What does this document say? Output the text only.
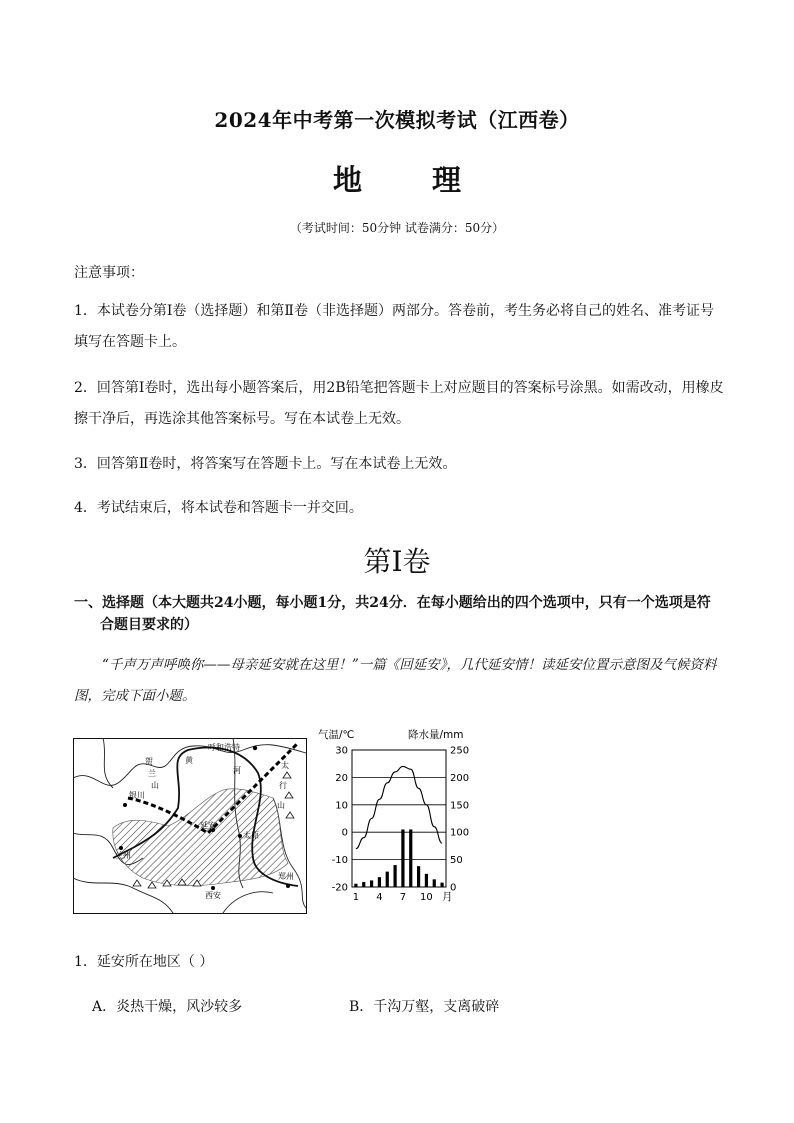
2024年中考第一次模拟考试（江西卷）
地 理
（考试时间：50分钟 试卷满分：50分）
注意事项：
1．本试卷分第Ⅰ卷（选择题）和第Ⅱ卷（非选择题）两部分。答卷前，考生务必将自己的姓名、准考证号填写在答题卡上。
2．回答第Ⅰ卷时，选出每小题答案后，用2B铅笔把答题卡上对应题目的答案标号涂黑。如需改动，用橡皮擦干净后，再选涂其他答案标号。写在本试卷上无效。
3．回答第Ⅱ卷时，将答案写在答题卡上。写在本试卷上无效。
4．考试结束后，将本试卷和答题卡一并交回。
第Ⅰ卷
一、选择题（本大题共24小题，每小题1分，共24分．在每小题给出的四个选项中，只有一个选项是符
合题目要求的）
“千声万声呼唤你——母亲延安就在这里！”一篇《回延安》，几代延安情！读延安位置示意图及气候资料图，完成下面小题。
呼和浩特
贺
兰
山
银川
黄
河
太
行
山
太原
延安
兰州
西安
郑州
气温/℃	降水量/mm
30
20
10
0
-10
-20
250
200
150
100
50
0
1 4 7 10 月
1．延安所在地区（ ）
A．炎热干燥，风沙较多	B．千沟万壑，支离破碎
